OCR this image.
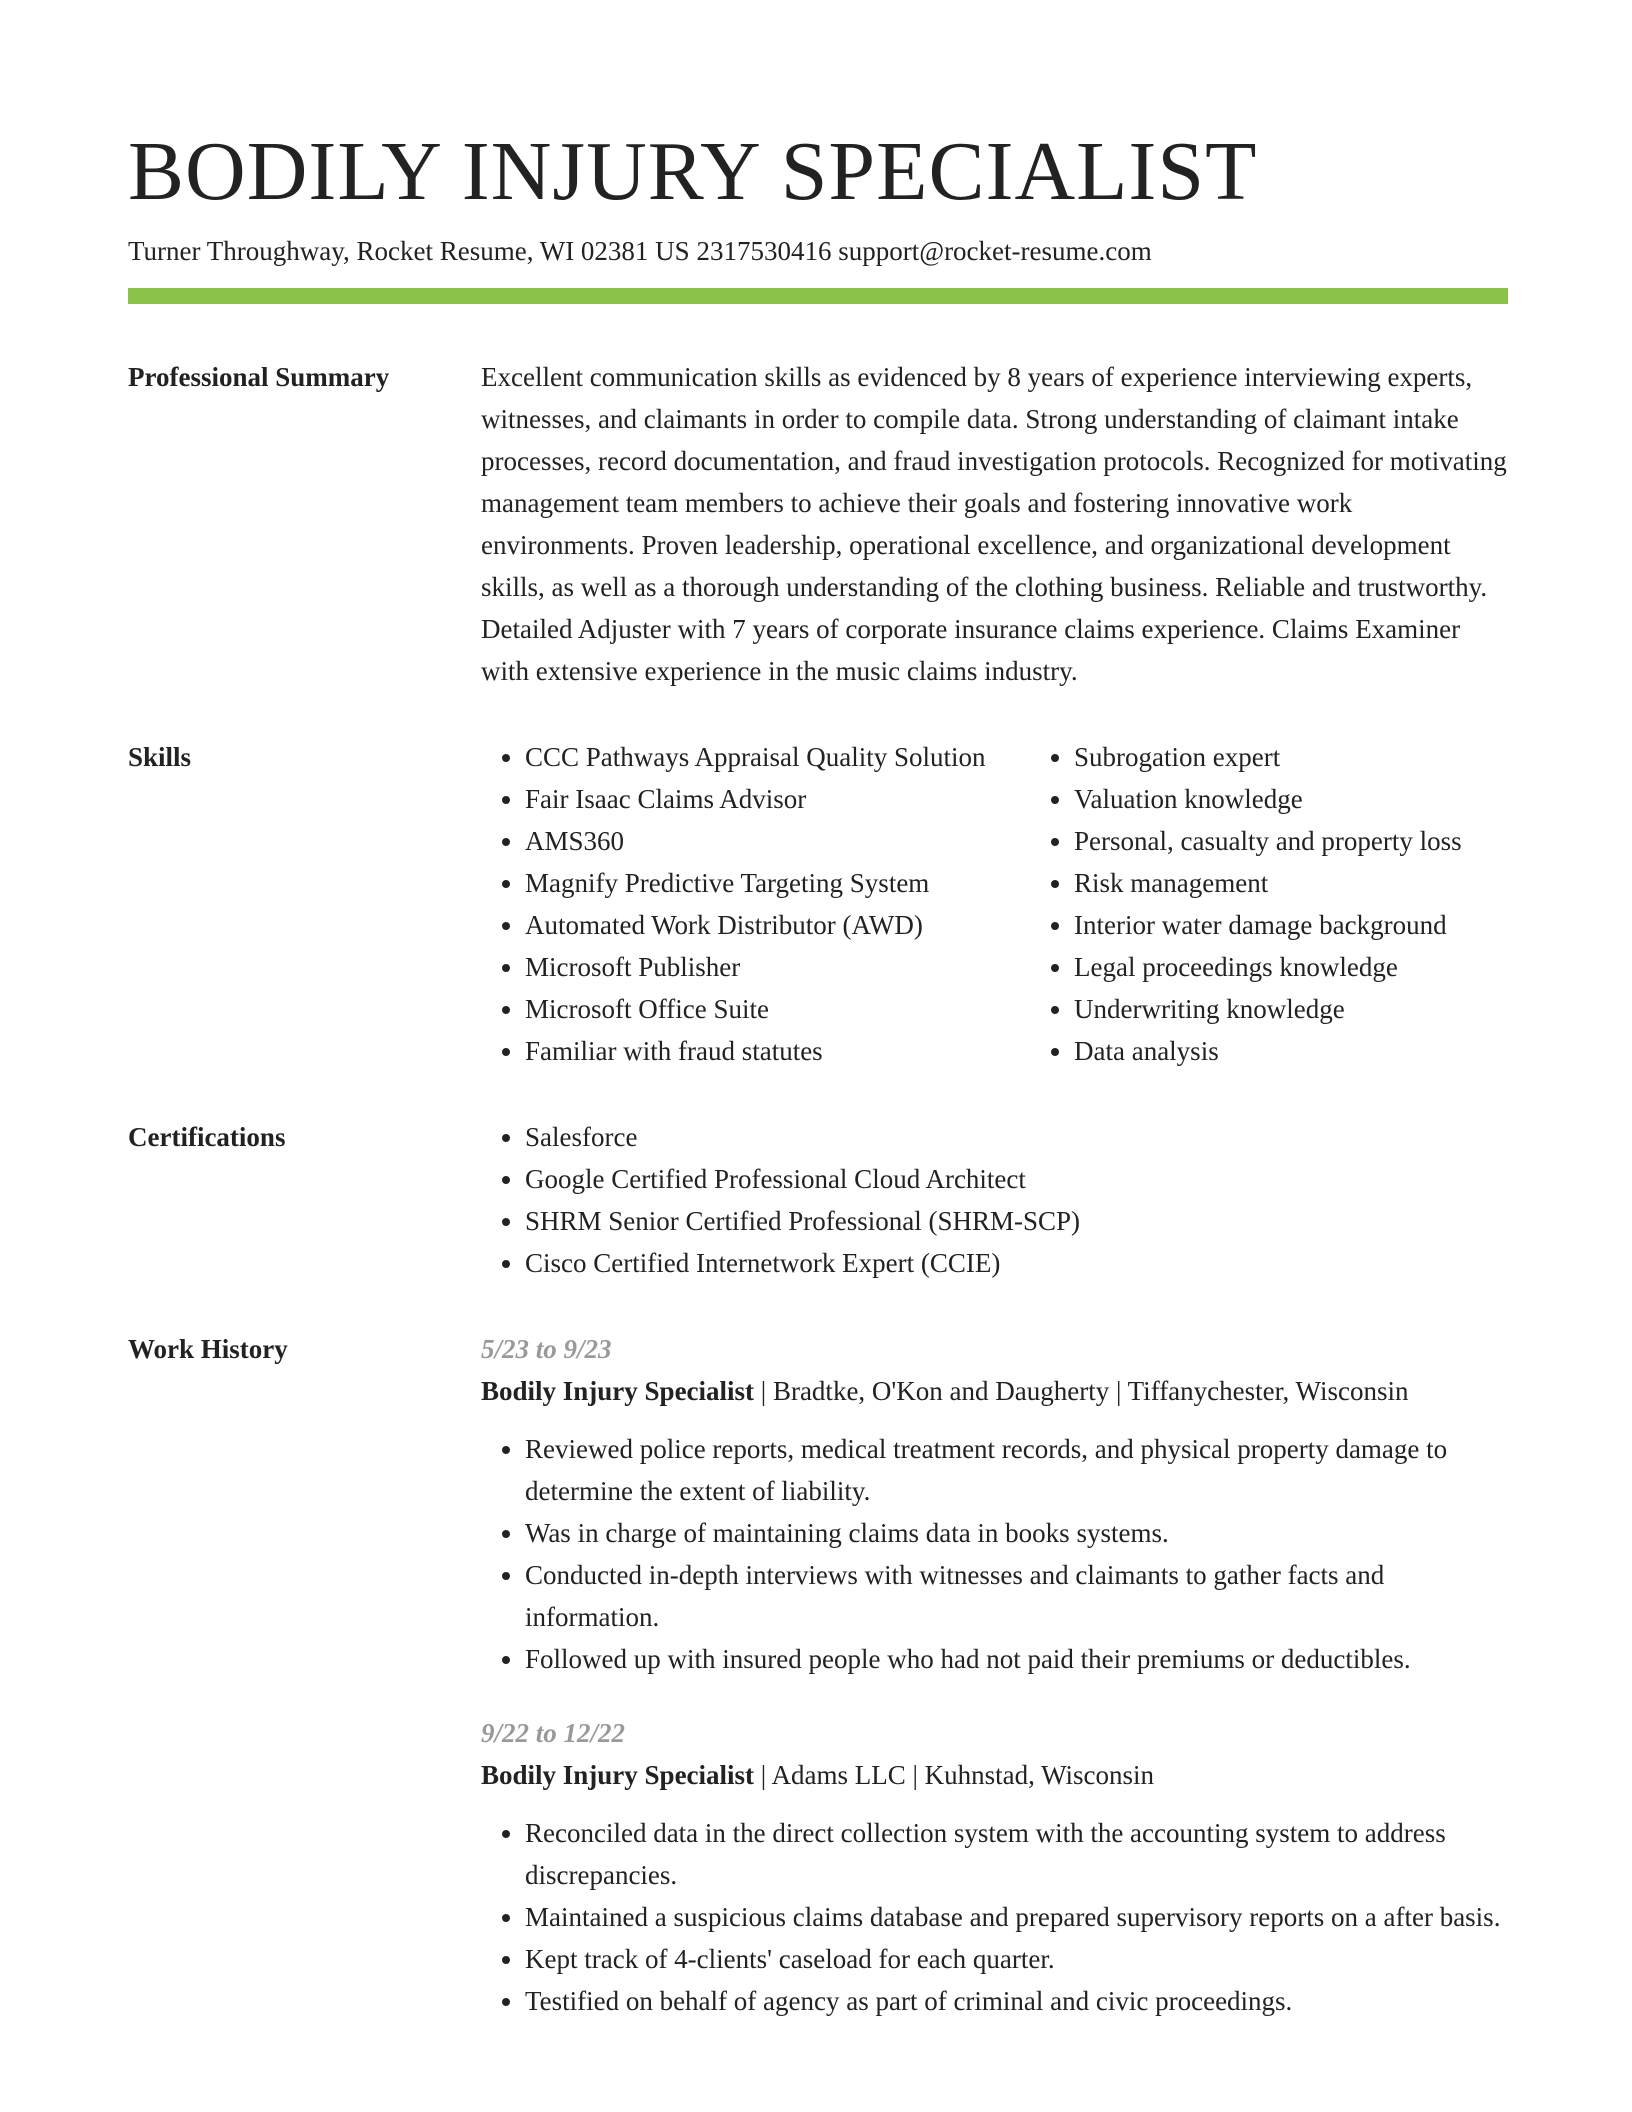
BODILY INJURY SPECIALIST
Turner Throughway, Rocket Resume, WI 02381 US 2317530416 support@rocket-resume.com
Professional Summary	Excellent communication skills as evidenced by 8 years of experience interviewing experts, witnesses, and claimants in order to compile data. Strong understanding of claimant intake processes, record documentation, and fraud investigation protocols. Recognized for motivating management team members to achieve their goals and fostering innovative work environments. Proven leadership, operational excellence, and organizational development skills, as well as a thorough understanding of the clothing business. Reliable and trustworthy. Detailed Adjuster with 7 years of corporate insurance claims experience. Claims Examiner with extensive experience in the music claims industry.

Skills	• CCC Pathways Appraisal Quality Solution
• Fair Isaac Claims Advisor
• AMS360
• Magnify Predictive Targeting System
• Automated Work Distributor (AWD)
• Microsoft Publisher
• Microsoft Office Suite
• Familiar with fraud statutes
• Subrogation expert
• Valuation knowledge
• Personal, casualty and property loss
• Risk management
• Interior water damage background
• Legal proceedings knowledge
• Underwriting knowledge
• Data analysis
Certifications	• Salesforce
• Google Certified Professional Cloud Architect
• SHRM Senior Certified Professional (SHRM-SCP)
• Cisco Certified Internetwork Expert (CCIE)
Work History	5/23 to 9/23
Bodily Injury Specialist | Bradtke, O'Kon and Daugherty | Tiffanychester, Wisconsin
• Reviewed police reports, medical treatment records, and physical property damage to determine the extent of liability.
• Was in charge of maintaining claims data in books systems.
• Conducted in-depth interviews with witnesses and claimants to gather facts and information.
• Followed up with insured people who had not paid their premiums or deductibles.
9/22 to 12/22
Bodily Injury Specialist | Adams LLC | Kuhnstad, Wisconsin
• Reconciled data in the direct collection system with the accounting system to address discrepancies.
• Maintained a suspicious claims database and prepared supervisory reports on a after basis.
• Kept track of 4-clients' caseload for each quarter.
• Testified on behalf of agency as part of criminal and civic proceedings.
